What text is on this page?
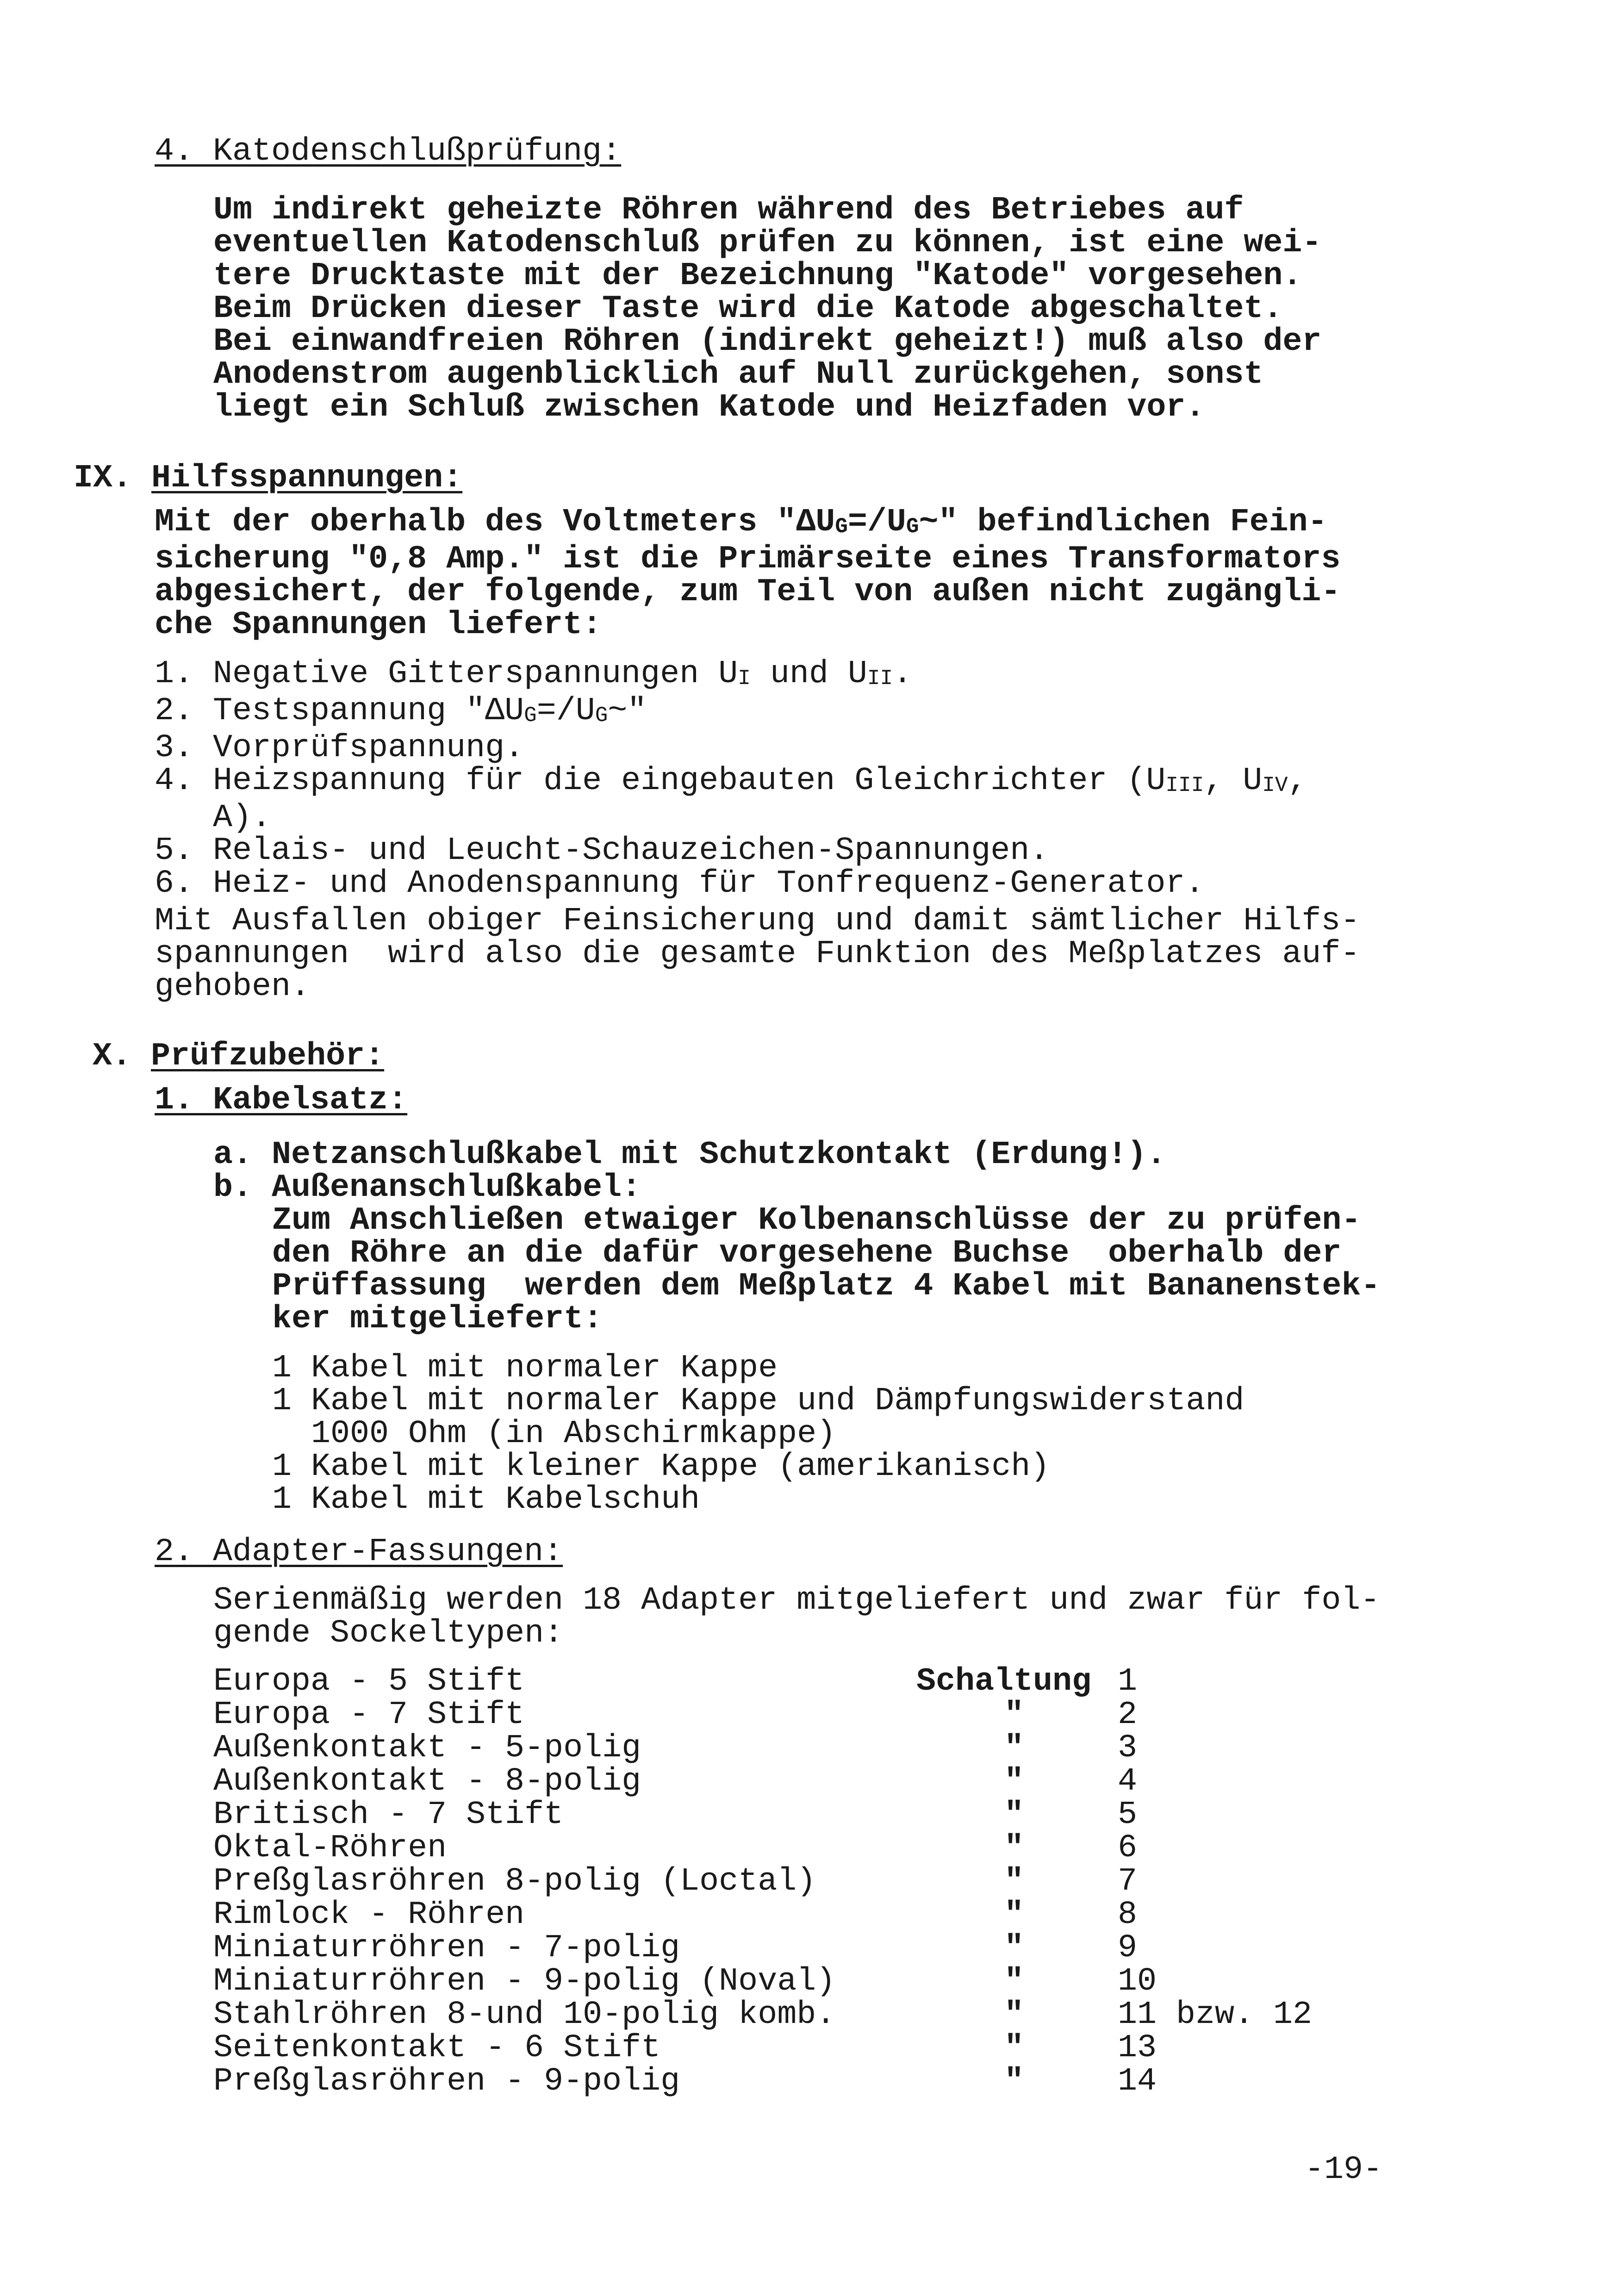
4. Katodenschlußprüfung:
Um indirekt geheizte Röhren während des Betriebes auf
eventuellen Katodenschluß prüfen zu können, ist eine wei-
tere Drucktaste mit der Bezeichnung "Katode" vorgesehen.
Beim Drücken dieser Taste wird die Katode abgeschaltet.
Bei einwandfreien Röhren (indirekt geheizt!) muß also der
Anodenstrom augenblicklich auf Null zurückgehen, sonst
liegt ein Schluß zwischen Katode und Heizfaden vor.
IX. Hilfsspannungen:
Mit der oberhalb des Voltmeters "$\Delta U_G=/U_G\sim$" befindlichen Fein-
sicherung "0,8 Amp." ist die Primärseite eines Transformators
abgesichert, der folgende, zum Teil von außen nicht zugängli-
che Spannungen liefert:
1. Negative Gitterspannungen $U_I$ und $U_{II}$.
2. Testspannung "$\Delta U_G=/U_G\sim$"
3. Vorprüfspannung.
4. Heizspannung für die eingebauten Gleichrichter ($U_{III}$, $U_{IV}$,
A).
5. Relais- und Leucht-Schauzeichen-Spannungen.
6. Heiz- und Anodenspannung für Tonfrequenz-Generator.
Mit Ausfallen obiger Feinsicherung und damit sämtlicher Hilfs-
spannungen  wird also die gesamte Funktion des Meßplatzes auf-
gehoben.
X. Prüfzubehör:
1. Kabelsatz:
a. Netzanschlußkabel mit Schutzkontakt (Erdung!).
b. Außenanschlußkabel:
Zum Anschließen etwaiger Kolbenanschlüsse der zu prüfen-
den Röhre an die dafür vorgesehene Buchse  oberhalb der
Prüffassung  werden dem Meßplatz 4 Kabel mit Bananenstek-
ker mitgeliefert:
1 Kabel mit normaler Kappe
1 Kabel mit normaler Kappe und Dämpfungswiderstand
1000 Ohm (in Abschirmkappe)
1 Kabel mit kleiner Kappe (amerikanisch)
1 Kabel mit Kabelschuh
2. Adapter-Fassungen:
Serienmäßig werden 18 Adapter mitgeliefert und zwar für fol-
gende Sockeltypen:
Europa - 5 Stift	Schaltung 1
Europa - 7 Stift	"	2
Außenkontakt - 5-polig	"	3
Außenkontakt - 8-polig	"	4
Britisch - 7 Stift	"	5
Oktal-Röhren	"	6
Preßglasröhren 8-polig (Loctal)	"	7
Rimlock - Röhren	"	8
Miniaturröhren - 7-polig	"	9
Miniaturröhren - 9-polig (Noval)	"	10
Stahlröhren 8-und 10-polig komb.	"	11 bzw. 12
Seitenkontakt - 6 Stift	"	13
Preßglasröhren - 9-polig	"	14
-19-
